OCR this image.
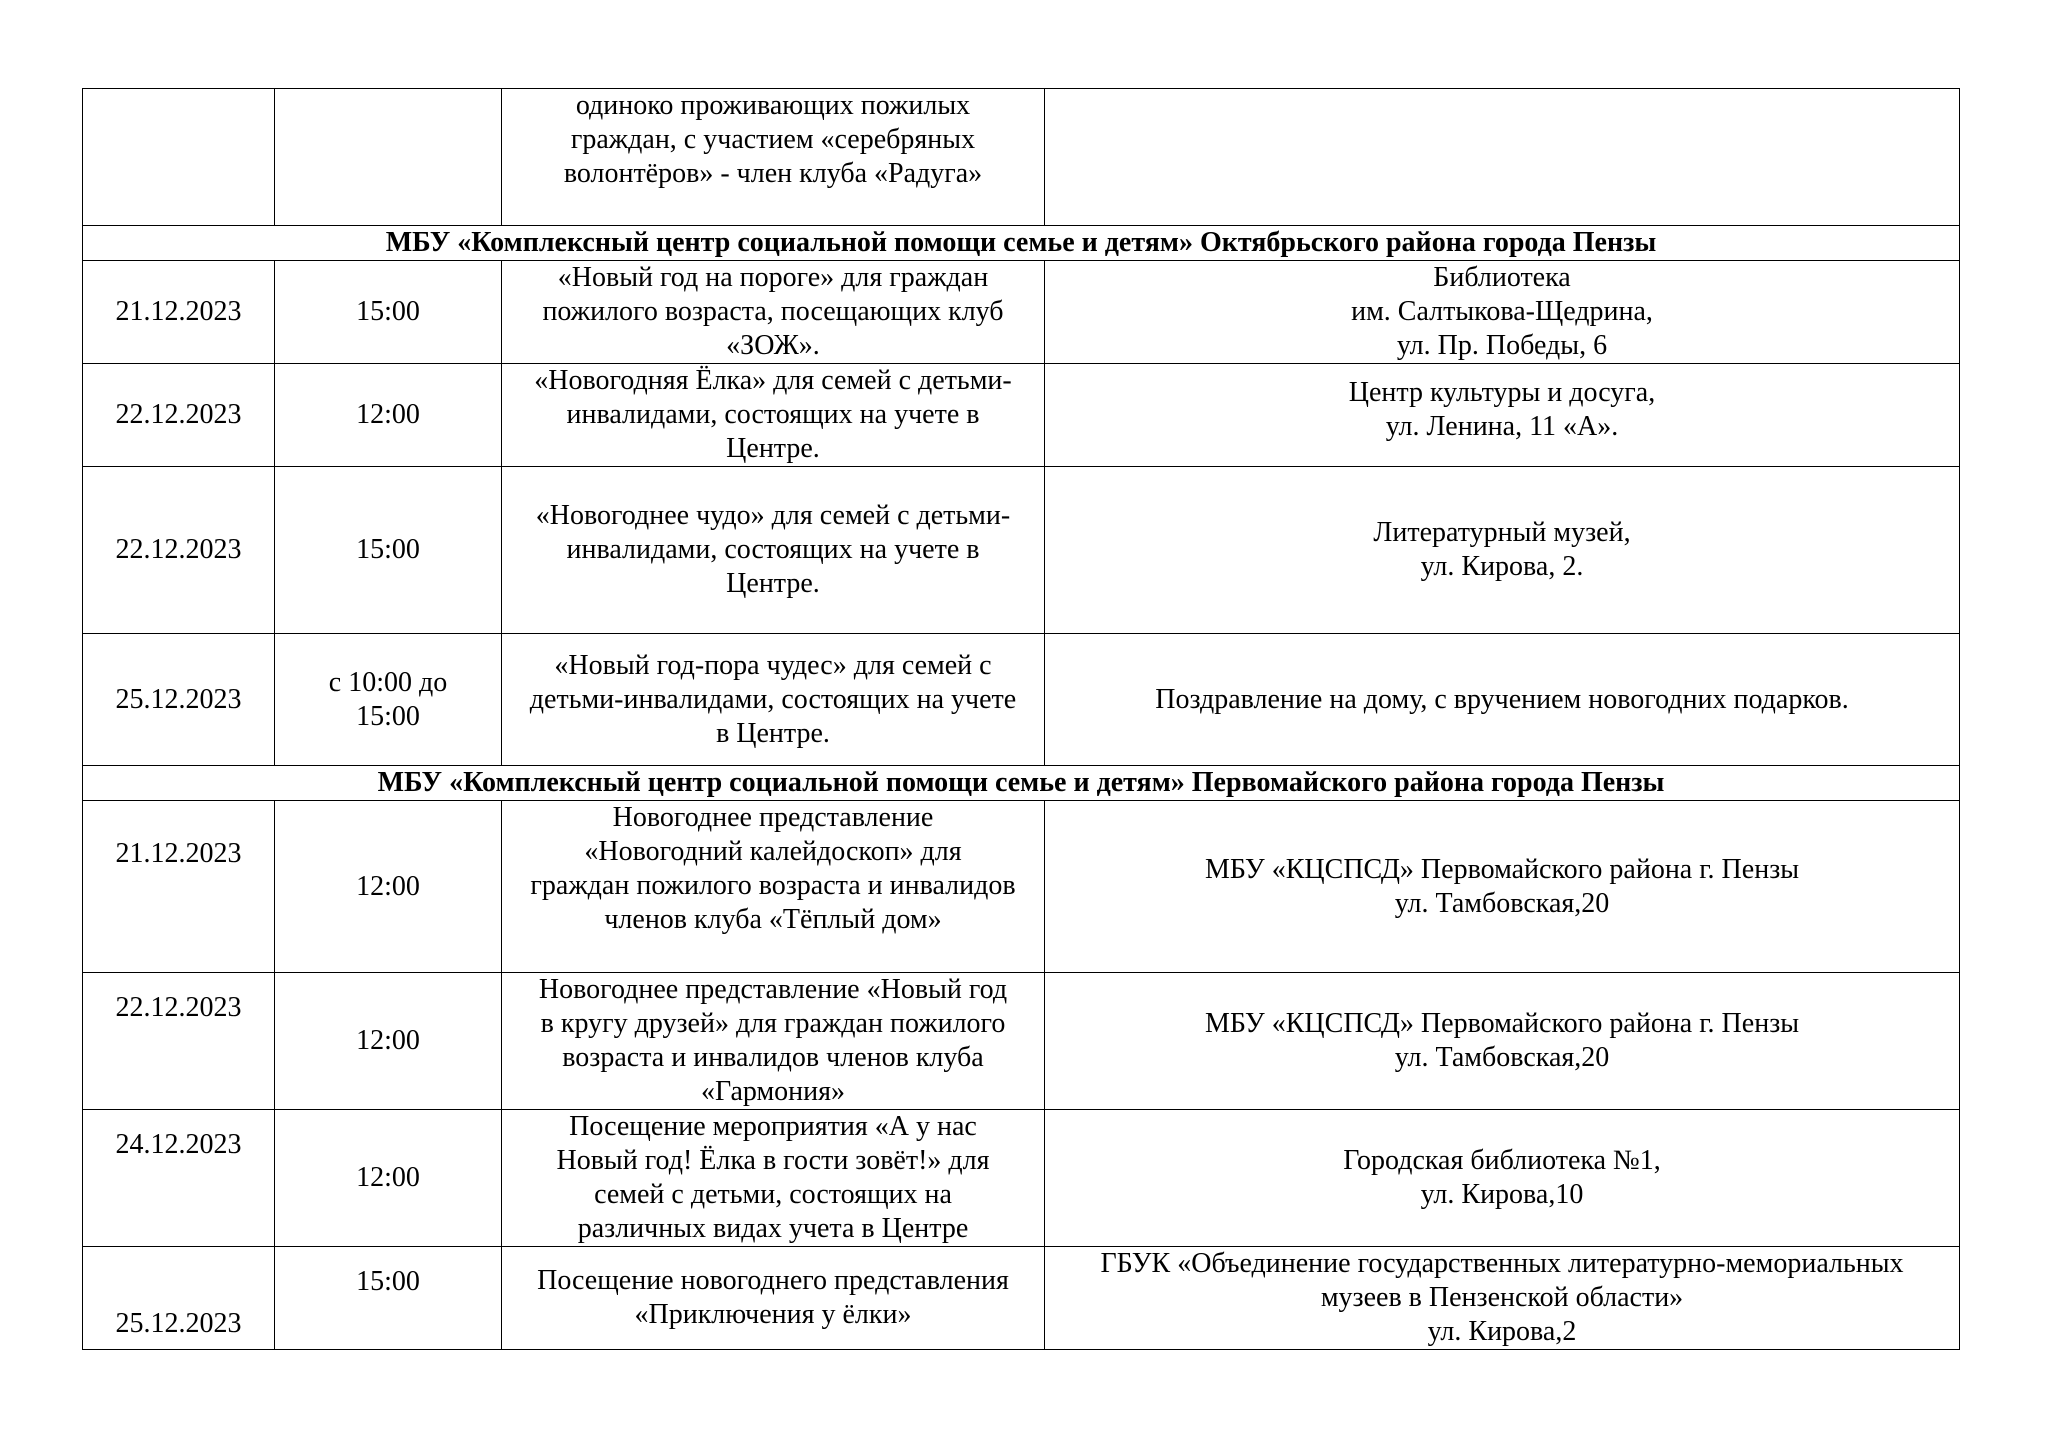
		одиноко проживающих пожилых
граждан, с участием «серебряных
волонтёров» - член клуба «Радуга»	

МБУ «Комплексный центр социальной помощи семье и детям» Октябрьского района города Пензы			
21.12.2023	15:00	«Новый год на пороге» для граждан
пожилого возраста, посещающих клуб
«ЗОЖ».	Библиотека
им. Салтыкова-Щедрина,
ул. Пр. Победы, 6

22.12.2023	12:00	«Новогодняя Ёлка» для семей с детьми-
инвалидами, состоящих на учете в
Центре.	Центр культуры и досуга,
ул. Ленина, 11 «А».

22.12.2023	15:00	«Новогоднее чудо» для семей с детьми-
инвалидами, состоящих на учете в
Центре.	Литературный музей,
ул. Кирова, 2.

25.12.2023	с 10:00 до
15:00	«Новый год-пора чудес» для семей с
детьми-инвалидами, состоящих на учете
в Центре.	Поздравление на дому, с вручением новогодних подарков.

МБУ «Комплексный центр социальной помощи семье и детям» Первомайского района города Пензы			
21.12.2023	12:00	Новогоднее представление
«Новогодний калейдоскоп» для
граждан пожилого возраста и инвалидов
членов клуба «Тёплый дом»	МБУ «КЦСПСД» Первомайского района г. Пензы
ул. Тамбовская,20

22.12.2023	12:00	Новогоднее представление «Новый год
в кругу друзей» для граждан пожилого
возраста и инвалидов членов клуба
«Гармония»	МБУ «КЦСПСД» Первомайского района г. Пензы
ул. Тамбовская,20

24.12.2023	12:00	Посещение мероприятия «А у нас
Новый год! Ёлка в гости зовёт!» для
семей с детьми, состоящих на
различных видах учета в Центре	Городская библиотека №1,
ул. Кирова,10

25.12.2023	15:00	Посещение новогоднего представления
«Приключения у ёлки»	ГБУК «Объединение государственных литературно-мемориальных
музеев в Пензенской области»
ул. Кирова,2
